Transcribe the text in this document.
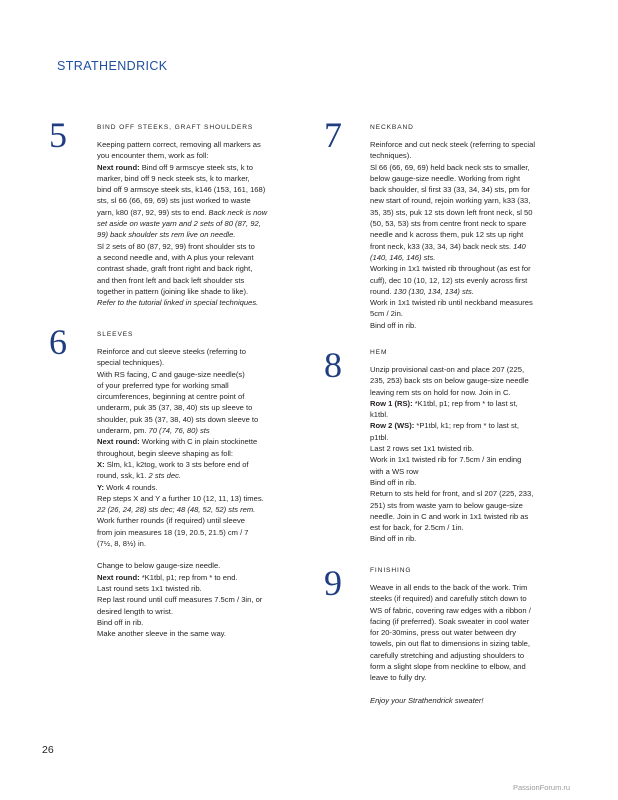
STRATHENDRICK
5	BIND OFF STEEKS, GRAFT SHOULDERS

Keeping pattern correct, removing all markers as

you encounter them, work as foll:

Next round: Bind off 9 armscye steek sts, k to

marker, bind off 9 neck steek sts, k to marker,

bind off 9 armscye steek sts, k146 (153, 161, 168)

sts, sl 66 (66, 69, 69) sts just worked to waste

yarn, k80 (87, 92, 99) sts to end. Back neck is now

set aside on waste yarn and 2 sets of 80 (87, 92,

99) back shoulder sts rem live on needle.

Sl 2 sets of 80 (87, 92, 99) front shoulder sts to

a second needle and, with A plus your relevant

contrast shade, graft front right and back right,

and then front left and back left shoulder sts

together in pattern (joining like shade to like).

Refer to the tutorial linked in special techniques.

6	SLEEVES

Reinforce and cut sleeve steeks (referring to

special techniques).

With RS facing, C and gauge-size needle(s)

of your preferred type for working small

circumferences, beginning at centre point of

underarm, puk 35 (37, 38, 40) sts up sleeve to

shoulder, puk 35 (37, 38, 40) sts down sleeve to

underarm, pm. 70 (74, 76, 80) sts

Next round: Working with C in plain stockinette

throughout, begin sleeve shaping as foll:

X: Slm, k1, k2tog, work to 3 sts before end of

round, ssk, k1. 2 sts dec.

Y: Work 4 rounds.

Rep steps X and Y a further 10 (12, 11, 13) times.

22 (26, 24, 28) sts dec; 48 (48, 52, 52) sts rem.

Work further rounds (if required) until sleeve

from join measures 18 (19, 20.5, 21.5) cm / 7

(7½, 8, 8½) in.

Change to below gauge-size needle.

Next round: *K1tbl, p1; rep from * to end.

Last round sets 1x1 twisted rib.

Rep last round until cuff measures 7.5cm / 3in, or

desired length to wrist.

Bind off in rib.

Make another sleeve in the same way.

7	NECKBAND

Reinforce and cut neck steek (referring to special

techniques).

Sl 66 (66, 69, 69) held back neck sts to smaller,

below gauge-size needle. Working from right

back shoulder, sl first 33 (33, 34, 34) sts, pm for

new start of round, rejoin working yarn, k33 (33,

35, 35) sts, puk 12 sts down left front neck, sl 50

(50, 53, 53) sts from centre front neck to spare

needle and k across them, puk 12 sts up right

front neck, k33 (33, 34, 34) back neck sts. 140

(140, 146, 146) sts.

Working in 1x1 twisted rib throughout (as est for

cuff), dec 10 (10, 12, 12) sts evenly across first

round. 130 (130, 134, 134) sts.

Work in 1x1 twisted rib until neckband measures

5cm / 2in.

Bind off in rib.

8	HEM

Unzip provisional cast-on and place 207 (225,

235, 253) back sts on below gauge-size needle

leaving rem sts on hold for now. Join in C.

Row 1 (RS): *K1tbl, p1; rep from * to last st,

k1tbl.

Row 2 (WS): *P1tbl, k1; rep from * to last st,

p1tbl.

Last 2 rows set 1x1 twisted rib.

Work in 1x1 twisted rib for 7.5cm / 3in ending

with a WS row

Bind off in rib.

Return to sts held for front, and sl 207 (225, 233,

251) sts from waste yarn to below gauge-size

needle. Join in C and work in 1x1 twisted rib as

est for back, for 2.5cm / 1in.

Bind off in rib.

9	FINISHING

Weave in all ends to the back of the work. Trim

steeks (if required) and carefully stitch down to

WS of fabric, covering raw edges with a ribbon /

facing (if preferred). Soak sweater in cool water

for 20-30mins, press out water between dry

towels, pin out flat to dimensions in sizing table,

carefully stretching and adjusting shoulders to

form a slight slope from neckline to elbow, and

leave to fully dry.

Enjoy your Strathendrick sweater!

26
PassionForum.ru
